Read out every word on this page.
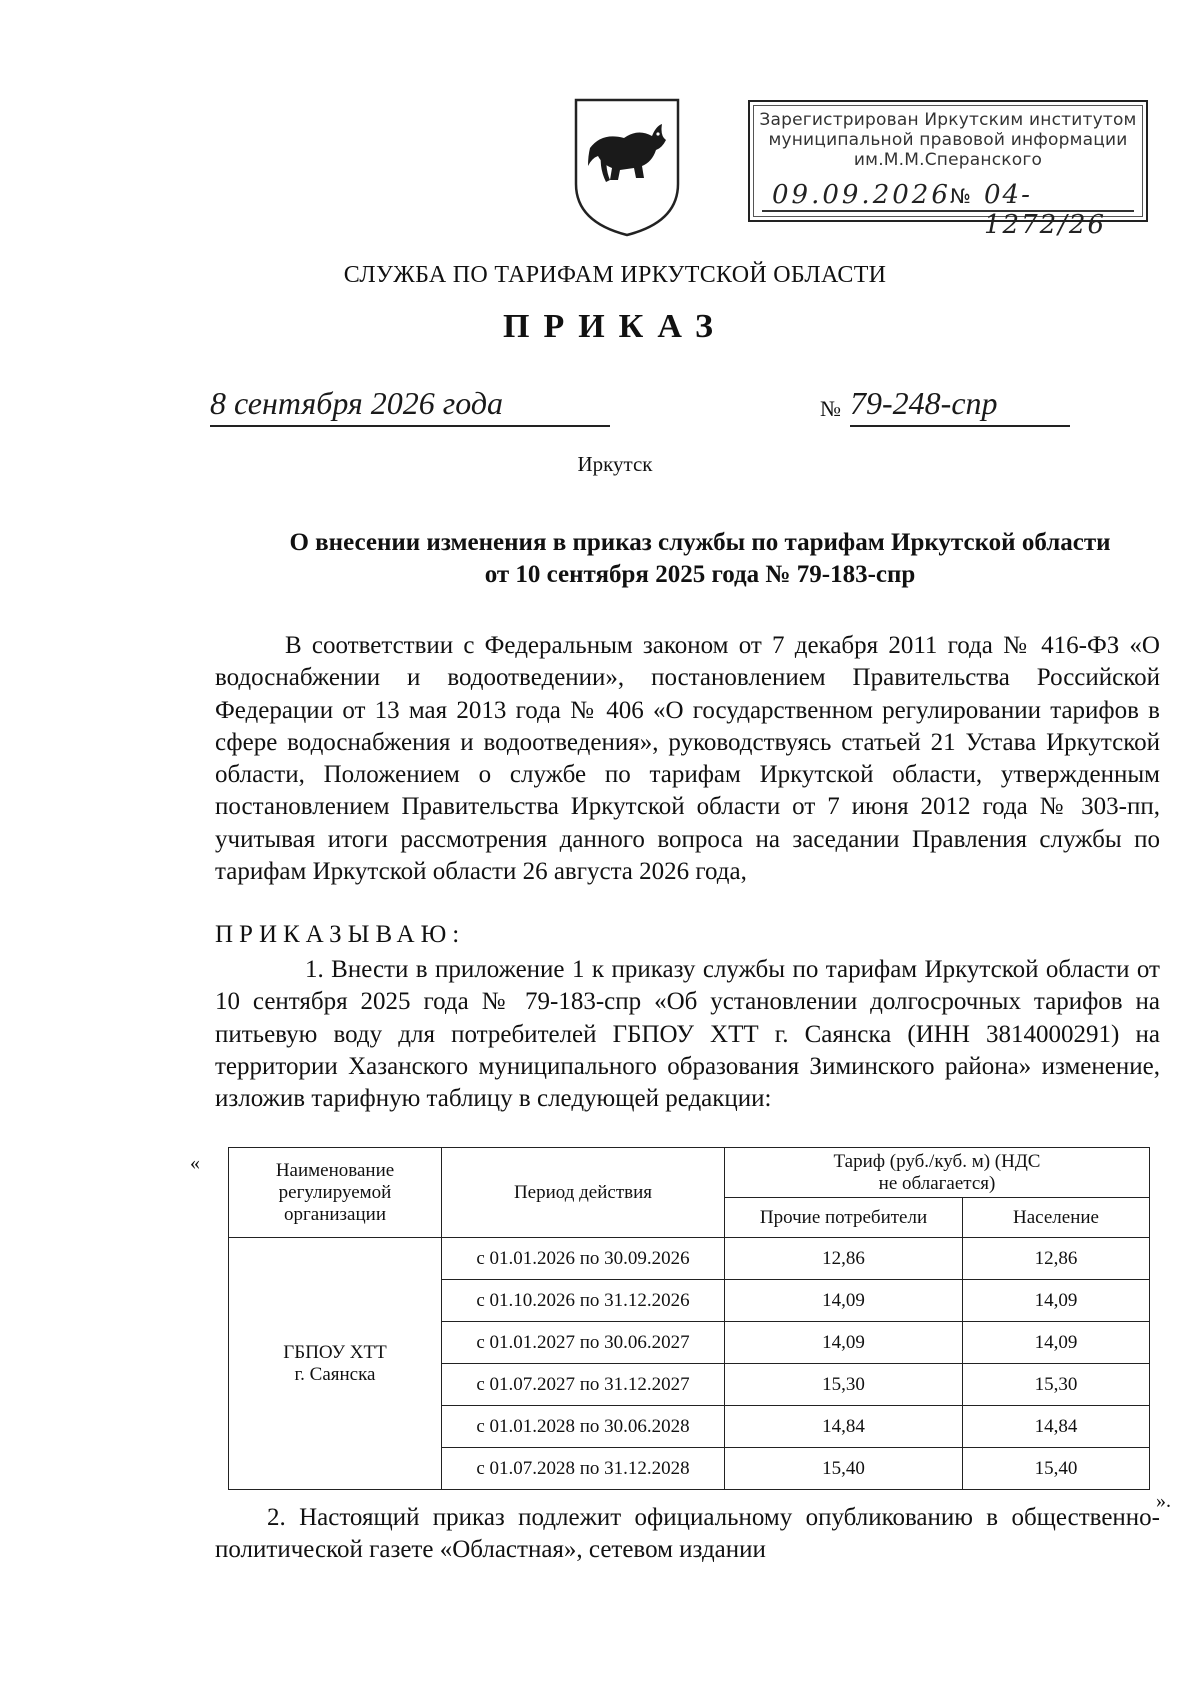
Зарегистрирован Иркутским институтом
муниципальной правовой информации
им.М.М.Сперанского
09.09.2026 № 04-1272/26
СЛУЖБА ПО ТАРИФАМ ИРКУТСКОЙ ОБЛАСТИ
ПРИКАЗ
8 сентября 2026 года	№ 79-248-спр
Иркутск
О внесении изменения в приказ службы по тарифам Иркутской области
от 10 сентября 2025 года № 79-183-спр
В соответствии с Федеральным законом от 7 декабря 2011 года № 416-ФЗ «О водоснабжении и водоотведении», постановлением Правительства Российской Федерации от 13 мая 2013 года № 406 «О государственном регулировании тарифов в сфере водоснабжения и водоотведения», руководствуясь статьей 21 Устава Иркутской области, Положением о службе по тарифам Иркутской области, утвержденным постановлением Правительства Иркутской области от 7 июня 2012 года № 303-пп, учитывая итоги рассмотрения данного вопроса на заседании Правления службы по тарифам Иркутской области 26 августа 2026 года,
ПРИКАЗЫВАЮ:
1. Внести в приложение 1 к приказу службы по тарифам Иркутской области от 10 сентября 2025 года № 79-183-спр «Об установлении долгосрочных тарифов на питьевую воду для потребителей ГБПОУ ХТТ г. Саянска (ИНН 3814000291) на территории Хазанского муниципального образования Зиминского района» изменение, изложив тарифную таблицу в следующей редакции:
«	Наименование регулируемой организации	Период действия	Тариф (руб./куб. м) (НДС не облагается)	
		Прочие потребители	Население

ГБПОУ ХТТ
г. Саянска	с 01.01.2026 по 30.09.2026	12,86	12,86
	с 01.10.2026 по 31.12.2026	14,09	14,09
	с 01.01.2027 по 30.06.2027	14,09	14,09
	с 01.07.2027 по 31.12.2027	15,30	15,30
	с 01.01.2028 по 30.06.2028	14,84	14,84
	с 01.07.2028 по 31.12.2028	15,40	15,40
».
2. Настоящий приказ подлежит официальному опубликованию в общественно-политической газете «Областная», сетевом издании
